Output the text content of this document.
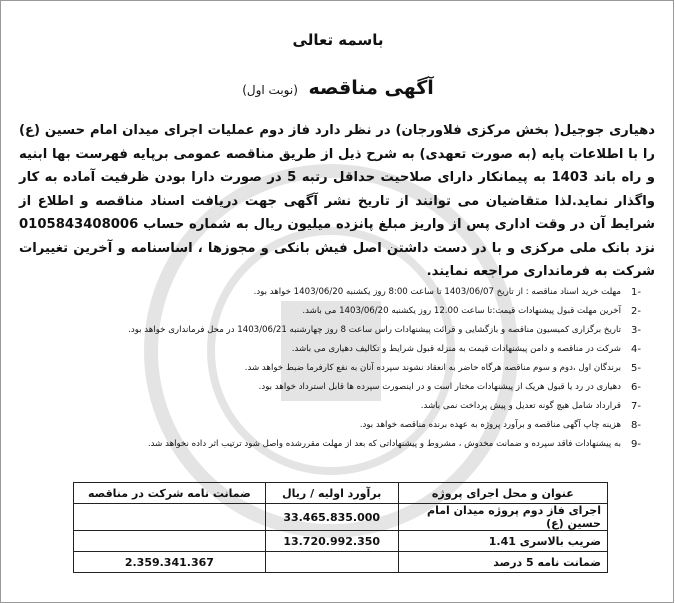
باسمه تعالی
آگهی مناقصه (نوبت اول)
دهیاری جوجیل( بخش مرکزی فلاورجان) در نظر دارد فاز دوم عملیات اجرای میدان امام حسین (ع) را با اطلاعات پایه (به صورت تعهدی) به شرح ذیل از طریق مناقصه عمومی برپایه فهرست بها ابنیه و راه باند 1403 به پیمانکار دارای صلاحیت حداقل رتبه 5 در صورت دارا بودن ظرفیت آماده به کار واگذار نماید.لذا متقاضیان می توانند از تاریخ نشر آگهی جهت دریافت اسناد مناقصه و اطلاع از شرایط آن در وقت اداری پس از واریز مبلغ پانزده میلیون ریال به شماره حساب 0105843408006 نزد بانک ملی مرکزی و با در دست داشتن اصل فیش بانکی و مجوزها ، اساسنامه و آخرین تغییرات شرکت به فرمانداری مراجعه نمایند.
1-
مهلت خرید اسناد مناقصه : از تاریخ 1403/06/07 تا ساعت 8:00 روز یکشنبه 1403/06/20 خواهد بود.
2-
آخرین مهلت قبول پیشنهادات قیمت:تا ساعت 12.00 روز یکشنبه 1403/06/20 می باشد.
3-
تاریخ برگزاری کمیسیون مناقصه و بازگشایی و قرائت پیشنهادات راس ساعت 8 روز چهارشنبه 1403/06/21 در محل فرمانداری خواهد بود.
4-
شرکت در مناقصه و دامن پیشنهادات قیمت به منزله قبول شرایط و تکالیف دهیاری می باشد.
5-
برندگان اول ،دوم و سوم مناقصه هرگاه حاضر به انعقاد نشوند سپرده آنان به نفع کارفرما ضبط خواهد شد.
6-
دهیاری در رد یا قبول هریک از پیشنهادات مختار است و در اینصورت سپرده ها قابل استرداد خواهد بود.
7-
قرارداد شامل هیچ گونه تعدیل و پیش پرداخت نمی باشد.
8-
هزینه چاپ آگهی مناقصه و برآورد پروژه به عهده برنده مناقصه خواهد بود.
9-
به پیشنهادات فاقد سپرده و ضمانت مخدوش ، مشروط و پیشنهاداتی که بعد از مهلت مقررشده واصل شود ترتیب اثر داده نخواهد شد.
عنوان و محل اجرای پروژه	برآورد اولیه / ریال	ضمانت نامه شرکت در مناقصه
اجرای فاز دوم پروژه میدان امام حسین (ع)	33.465.835.000	
ضریب بالاسری 1.41	13.720.992.350	
ضمانت نامه 5 درصد		2.359.341.367
